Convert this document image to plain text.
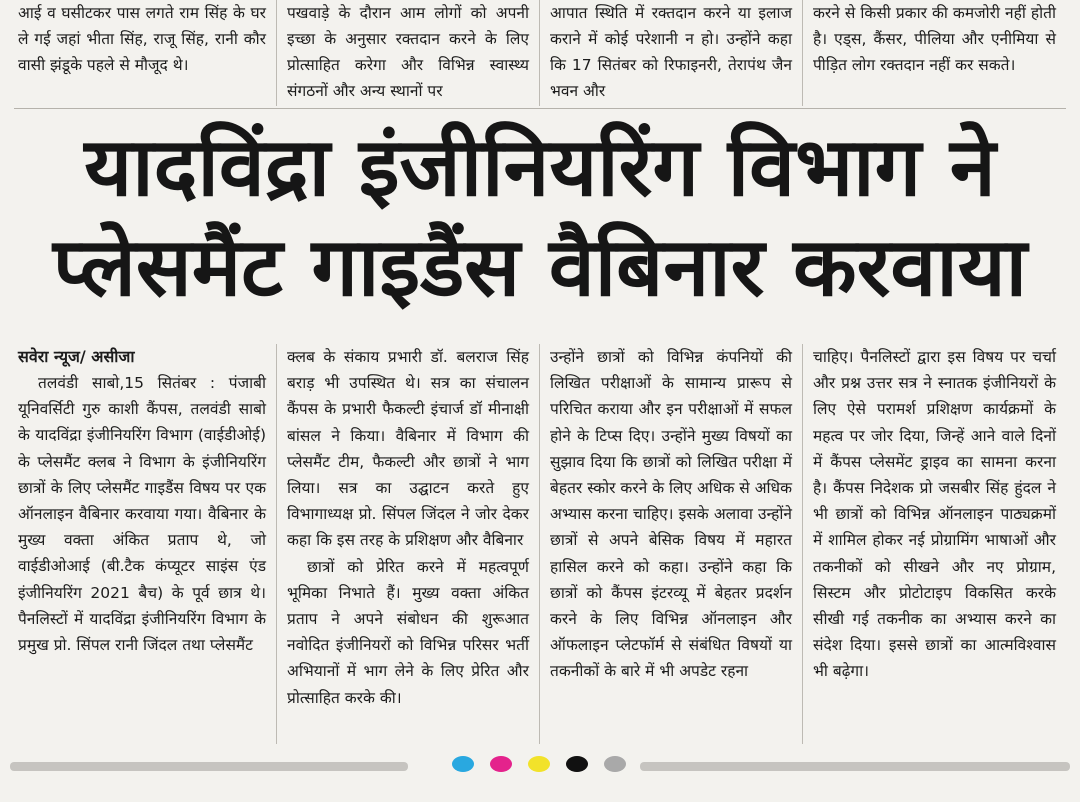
आई व घसीटकर पास लगते राम सिंह के घर ले गई जहां भीता सिंह, राजू सिंह, रानी कौर वासी झंडूके पहले से मौजूद थे।
पखवाड़े के दौरान आम लोगों को अपनी इच्छा के अनुसार रक्तदान करने के लिए प्रोत्साहित करेगा और विभिन्न स्वास्थ्य संगठनों और अन्य स्थानों पर
आपात स्थिति में रक्तदान करने या इलाज कराने में कोई परेशानी न हो। उन्होंने कहा कि 17 सितंबर को रिफाइनरी, तेरापंथ जैन भवन और
करने से किसी प्रकार की कमजोरी नहीं होती है। एड्स, कैंसर, पीलिया और एनीमिया से पीड़ित लोग रक्तदान नहीं कर सकते।
यादविंद्रा इंजीनियरिंग विभाग ने
प्लेसमैंट गाइडैंस वैबिनार करवाया

सवेरा न्यूज/ असीजा

तलवंडी साबो,15 सितंबर : पंजाबी यूनिवर्सिटी गुरु काशी कैंपस, तलवंडी साबो के यादविंद्रा इंजीनियरिंग विभाग (वाईडीओई) के प्लेसमैंट क्लब ने विभाग के इंजीनियरिंग छात्रों के लिए प्लेसमैंट गाइडैंस विषय पर एक ऑनलाइन वैबिनार करवाया गया। वैबिनार के मुख्य वक्ता अंकित प्रताप थे, जो वाईडीओआई (बी.टैक कंप्यूटर साइंस एंड इंजीनियरिंग 2021 बैच) के पूर्व छात्र थे। पैनलिस्टों में यादविंद्रा इंजीनियरिंग विभाग के प्रमुख प्रो. सिंपल रानी जिंदल तथा प्लेसमैंट

क्लब के संकाय प्रभारी डॉ. बलराज सिंह बराड़ भी उपस्थित थे। सत्र का संचालन कैंपस के प्रभारी फैकल्टी इंचार्ज डॉ मीनाक्षी बांसल ने किया। वैबिनार में विभाग की प्लेसमैंट टीम, फैकल्टी और छात्रों ने भाग लिया। सत्र का उद्घाटन करते हुए विभागाध्यक्ष प्रो. सिंपल जिंदल ने जोर देकर कहा कि इस तरह के प्रशिक्षण और वैबिनार

छात्रों को प्रेरित करने में महत्वपूर्ण भूमिका निभाते हैं। मुख्य वक्ता अंकित प्रताप ने अपने संबोधन की शुरूआत नवोदित इंजीनियरों को विभिन्न परिसर भर्ती अभियानों में भाग लेने के लिए प्रेरित और प्रोत्साहित करके की।

उन्होंने छात्रों को विभिन्न कंपनियों की लिखित परीक्षाओं के सामान्य प्रारूप से परिचित कराया और इन परीक्षाओं में सफल होने के टिप्स दिए। उन्होंने मुख्य विषयों का सुझाव दिया कि छात्रों को लिखित परीक्षा में बेहतर स्कोर करने के लिए अधिक से अधिक अभ्यास करना चाहिए। इसके अलावा उन्होंने छात्रों से अपने बेसिक विषय में महारत हासिल करने को कहा। उन्होंने कहा कि छात्रों को कैंपस इंटरव्यू में बेहतर प्रदर्शन करने के लिए विभिन्न ऑनलाइन और ऑफलाइन प्लेटफॉर्म से संबंधित विषयों या तकनीकों के बारे में भी अपडेट रहना

चाहिए। पैनलिस्टों द्वारा इस विषय पर चर्चा और प्रश्न उत्तर सत्र ने स्नातक इंजीनियरों के लिए ऐसे परामर्श प्रशिक्षण कार्यक्रमों के महत्व पर जोर दिया, जिन्हें आने वाले दिनों में कैंपस प्लेसमेंट ड्राइव का सामना करना है। कैंपस निदेशक प्रो जसबीर सिंह हुंदल ने भी छात्रों को विभिन्न ऑनलाइन पाठ्यक्रमों में शामिल होकर नई प्रोग्रामिंग भाषाओं और तकनीकों को सीखने और नए प्रोग्राम, सिस्टम और प्रोटोटाइप विकसित करके सीखी गई तकनीक का अभ्यास करने का संदेश दिया। इससे छात्रों का आत्मविश्वास भी बढ़ेगा।
